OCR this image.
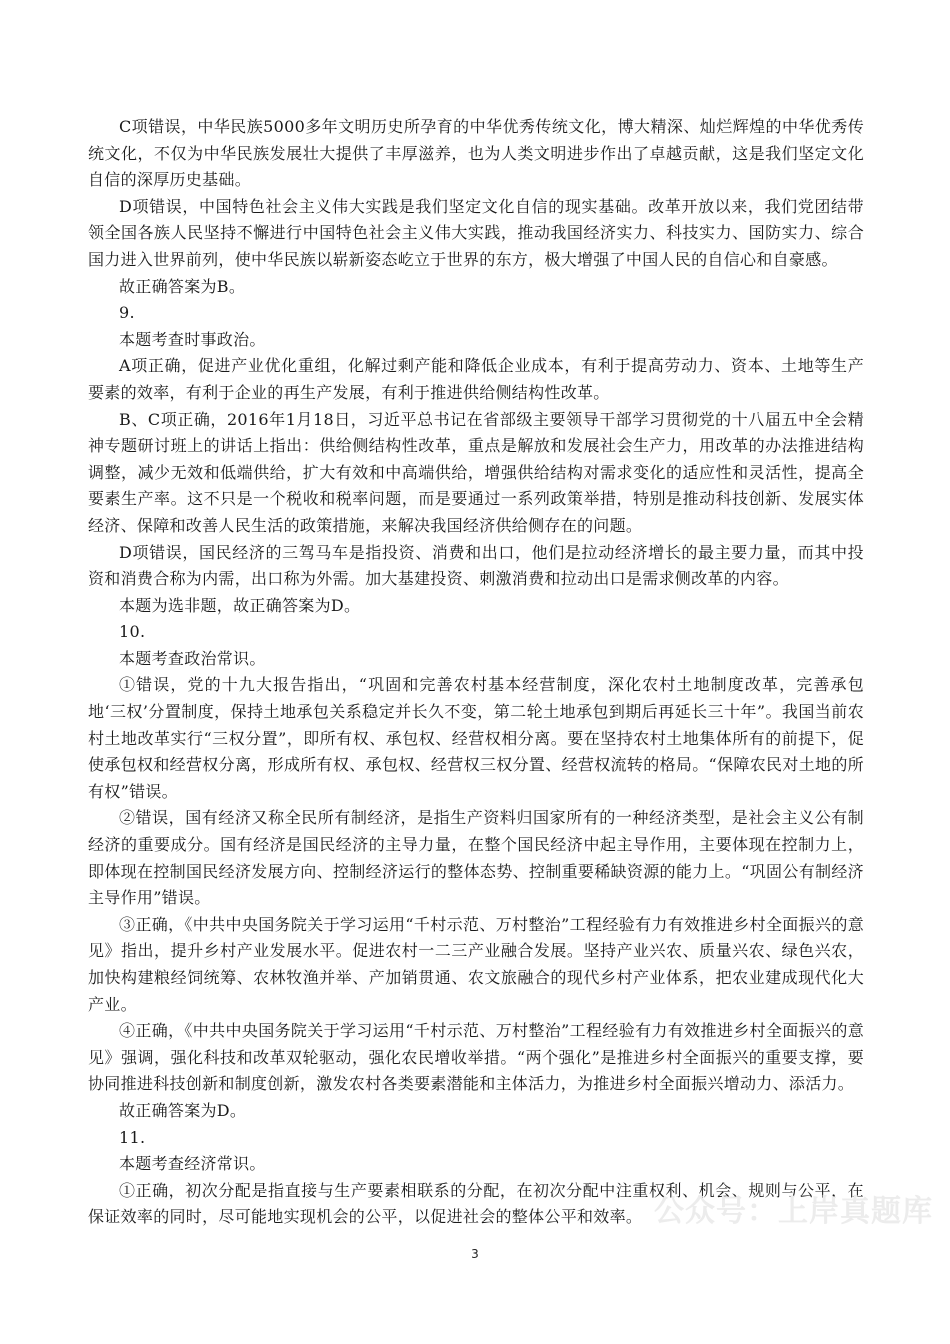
C项错误，中华民族5000多年文明历史所孕育的中华优秀传统文化，博大精深、灿烂辉煌的中华优秀传统文化，不仅为中华民族发展壮大提供了丰厚滋养，也为人类文明进步作出了卓越贡献，这是我们坚定文化自信的深厚历史基础。

D项错误，中国特色社会主义伟大实践是我们坚定文化自信的现实基础。改革开放以来，我们党团结带领全国各族人民坚持不懈进行中国特色社会主义伟大实践，推动我国经济实力、科技实力、国防实力、综合国力进入世界前列，使中华民族以崭新姿态屹立于世界的东方，极大增强了中国人民的自信心和自豪感。

故正确答案为B。

9.

本题考查时事政治。

A项正确，促进产业优化重组，化解过剩产能和降低企业成本，有利于提高劳动力、资本、土地等生产要素的效率，有利于企业的再生产发展，有利于推进供给侧结构性改革。

B、C项正确，2016年1月18日，习近平总书记在省部级主要领导干部学习贯彻党的十八届五中全会精神专题研讨班上的讲话上指出：供给侧结构性改革，重点是解放和发展社会生产力，用改革的办法推进结构调整，减少无效和低端供给，扩大有效和中高端供给，增强供给结构对需求变化的适应性和灵活性，提高全要素生产率。这不只是一个税收和税率问题，而是要通过一系列政策举措，特别是推动科技创新、发展实体经济、保障和改善人民生活的政策措施，来解决我国经济供给侧存在的问题。

D项错误，国民经济的三驾马车是指投资、消费和出口，他们是拉动经济增长的最主要力量，而其中投资和消费合称为内需，出口称为外需。加大基建投资、刺激消费和拉动出口是需求侧改革的内容。

本题为选非题，故正确答案为D。

10.

本题考查政治常识。

①错误，党的十九大报告指出，“巩固和完善农村基本经营制度，深化农村土地制度改革，完善承包地‘三权’分置制度，保持土地承包关系稳定并长久不变，第二轮土地承包到期后再延长三十年”。我国当前农村土地改革实行“三权分置”，即所有权、承包权、经营权相分离。要在坚持农村土地集体所有的前提下，促使承包权和经营权分离，形成所有权、承包权、经营权三权分置、经营权流转的格局。“保障农民对土地的所有权”错误。

②错误，国有经济又称全民所有制经济，是指生产资料归国家所有的一种经济类型，是社会主义公有制经济的重要成分。国有经济是国民经济的主导力量，在整个国民经济中起主导作用，主要体现在控制力上，即体现在控制国民经济发展方向、控制经济运行的整体态势、控制重要稀缺资源的能力上。“巩固公有制经济主导作用”错误。

③正确，《中共中央国务院关于学习运用“千村示范、万村整治”工程经验有力有效推进乡村全面振兴的意见》指出，提升乡村产业发展水平。促进农村一二三产业融合发展。坚持产业兴农、质量兴农、绿色兴农，加快构建粮经饲统筹、农林牧渔并举、产加销贯通、农文旅融合的现代乡村产业体系，把农业建成现代化大产业。

④正确，《中共中央国务院关于学习运用“千村示范、万村整治”工程经验有力有效推进乡村全面振兴的意见》强调，强化科技和改革双轮驱动，强化农民增收举措。“两个强化”是推进乡村全面振兴的重要支撑，要协同推进科技创新和制度创新，激发农村各类要素潜能和主体活力，为推进乡村全面振兴增动力、添活力。

故正确答案为D。

11.

本题考查经济常识。

①正确，初次分配是指直接与生产要素相联系的分配，在初次分配中注重权利、机会、规则与公平，在保证效率的同时，尽可能地实现机会的公平，以促进社会的整体公平和效率。 公众号：上岸真题库
3
